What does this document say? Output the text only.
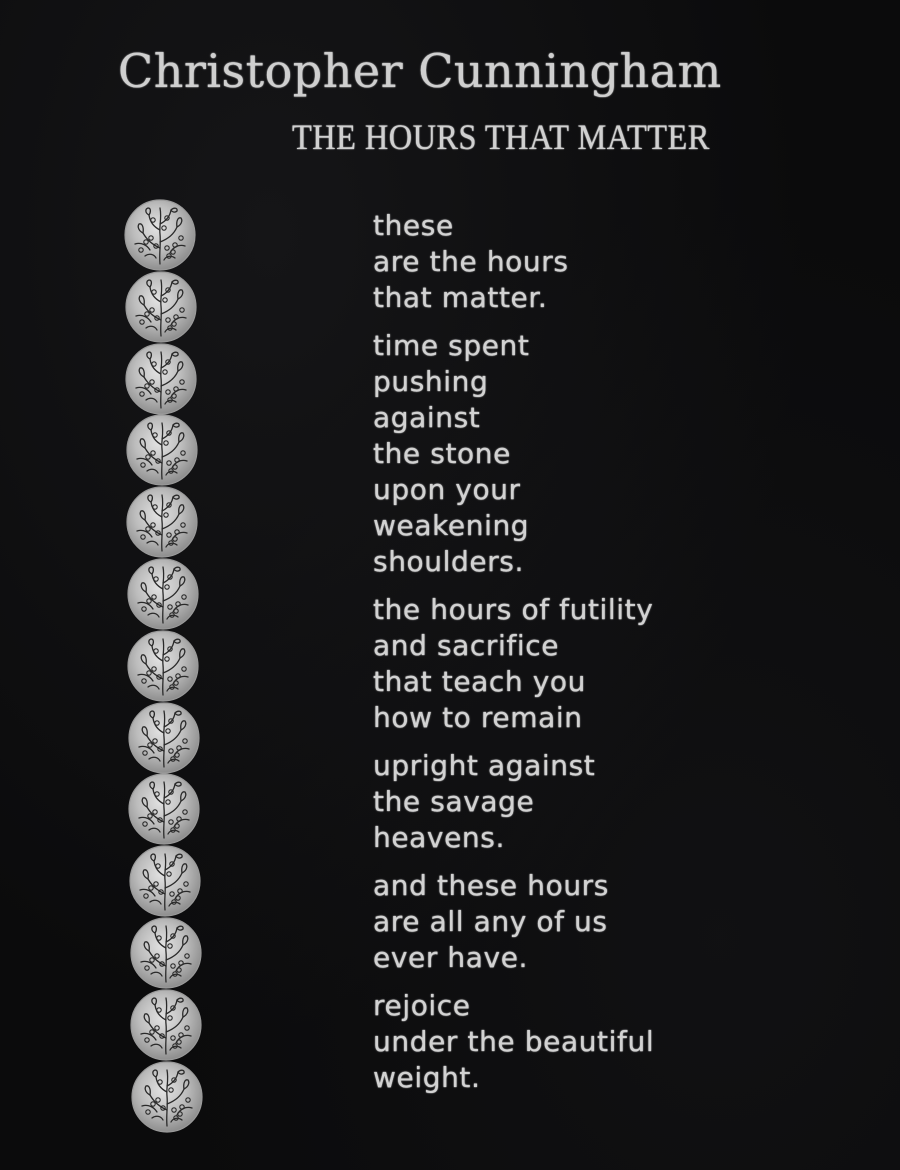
Christopher Cunningham
THE HOURS THAT MATTER
these
are the hours
that matter.
time spent
pushing
against
the stone
upon your
weakening
shoulders.
the hours of futility
and sacrifice
that teach you
how to remain
upright against
the savage
heavens.
and these hours
are all any of us
ever have.
rejoice
under the beautiful
weight.
